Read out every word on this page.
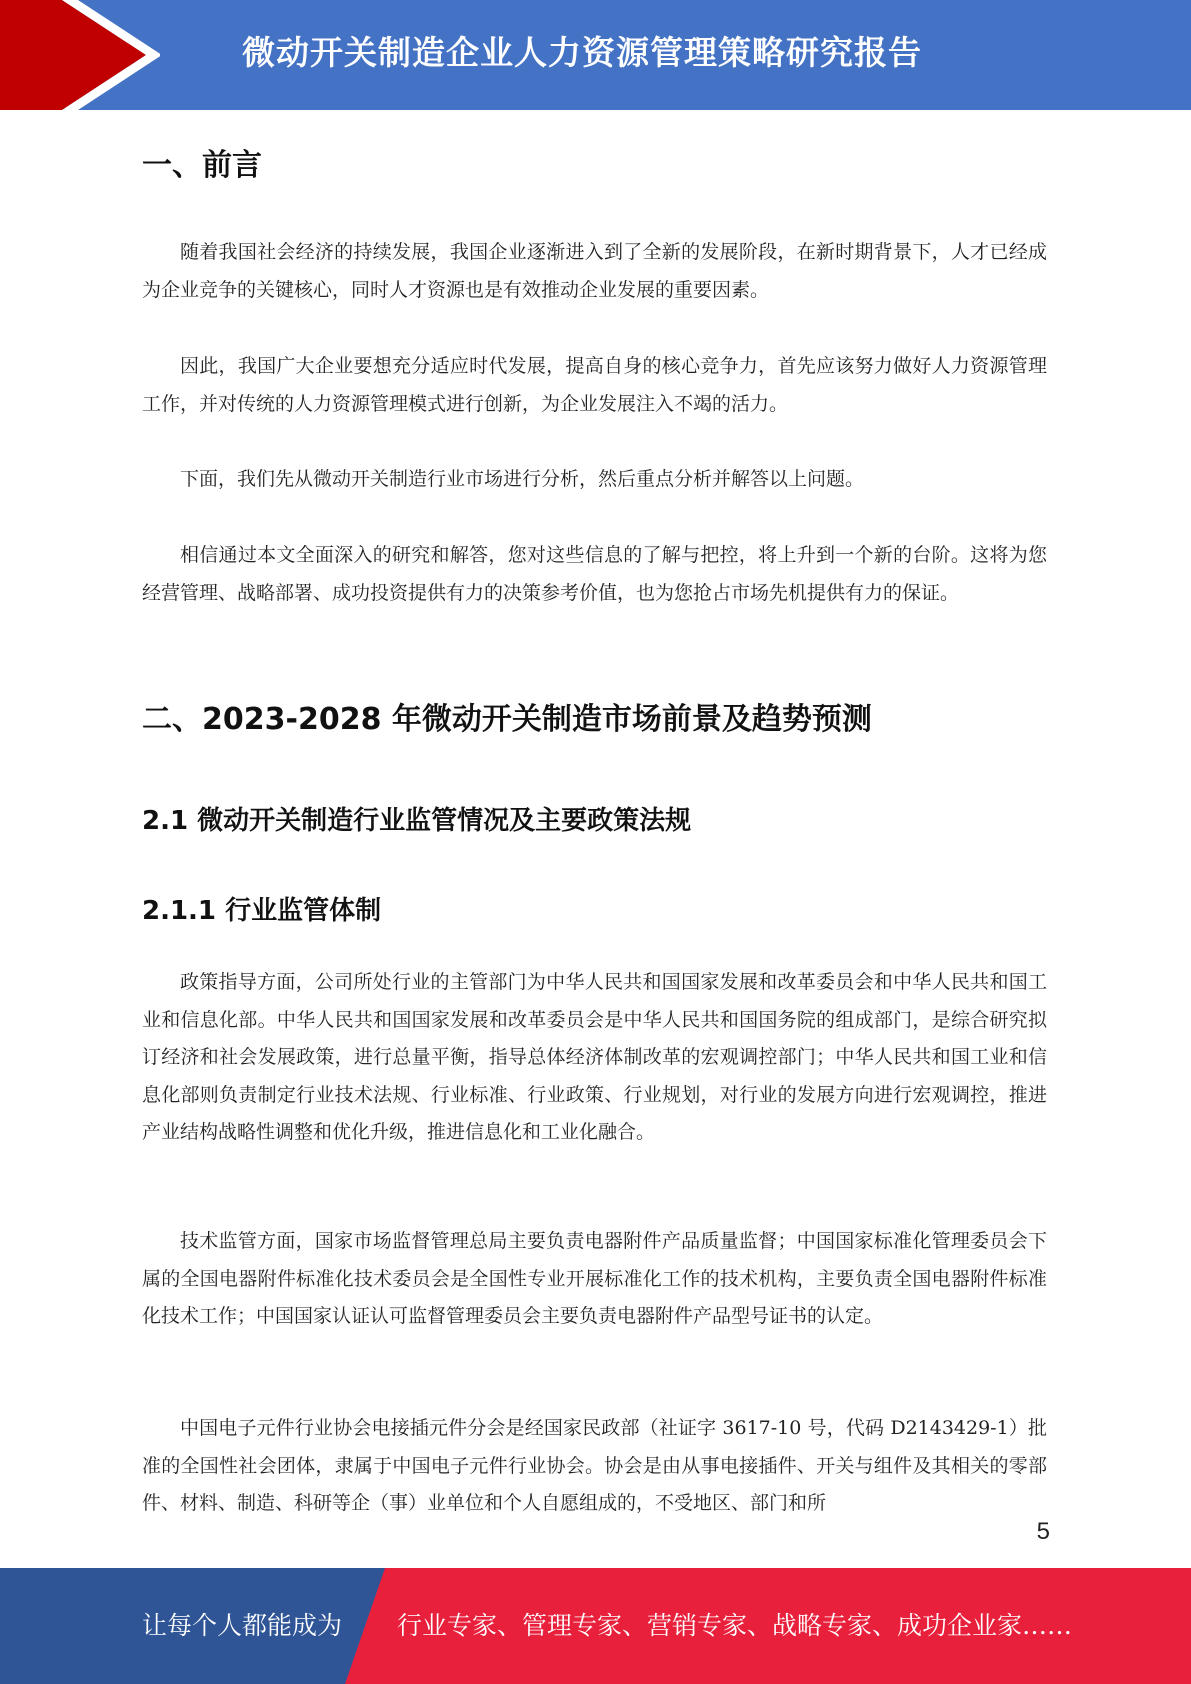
微动开关制造企业人力资源管理策略研究报告
一、前言

随着我国社会经济的持续发展，我国企业逐渐进入到了全新的发展阶段，在新时期背景下，人才已经成为企业竞争的关键核心，同时人才资源也是有效推动企业发展的重要因素。

因此，我国广大企业要想充分适应时代发展，提高自身的核心竞争力，首先应该努力做好人力资源管理工作，并对传统的人力资源管理模式进行创新，为企业发展注入不竭的活力。

下面，我们先从微动开关制造行业市场进行分析，然后重点分析并解答以上问题。

相信通过本文全面深入的研究和解答，您对这些信息的了解与把控，将上升到一个新的台阶。这将为您经营管理、战略部署、成功投资提供有力的决策参考价值，也为您抢占市场先机提供有力的保证。

二、2023-2028 年微动开关制造市场前景及趋势预测
2.1 微动开关制造行业监管情况及主要政策法规
2.1.1 行业监管体制

政策指导方面，公司所处行业的主管部门为中华人民共和国国家发展和改革委员会和中华人民共和国工业和信息化部。中华人民共和国国家发展和改革委员会是中华人民共和国国务院的组成部门，是综合研究拟订经济和社会发展政策，进行总量平衡，指导总体经济体制改革的宏观调控部门；中华人民共和国工业和信息化部则负责制定行业技术法规、行业标准、行业政策、行业规划，对行业的发展方向进行宏观调控，推进产业结构战略性调整和优化升级，推进信息化和工业化融合。

技术监管方面，国家市场监督管理总局主要负责电器附件产品质量监督；中国国家标准化管理委员会下属的全国电器附件标准化技术委员会是全国性专业开展标准化工作的技术机构，主要负责全国电器附件标准化技术工作；中国国家认证认可监督管理委员会主要负责电器附件产品型号证书的认定。

中国电子元件行业协会电接插元件分会是经国家民政部（社证字 3617-10 号，代码 D2143429-1）批准的全国性社会团体，隶属于中国电子元件行业协会。协会是由从事电接插件、开关与组件及其相关的零部件、材料、制造、科研等企（事）业单位和个人自愿组成的，不受地区、部门和所

5
让每个人都能成为 行业专家、管理专家、营销专家、战略专家、成功企业家……
